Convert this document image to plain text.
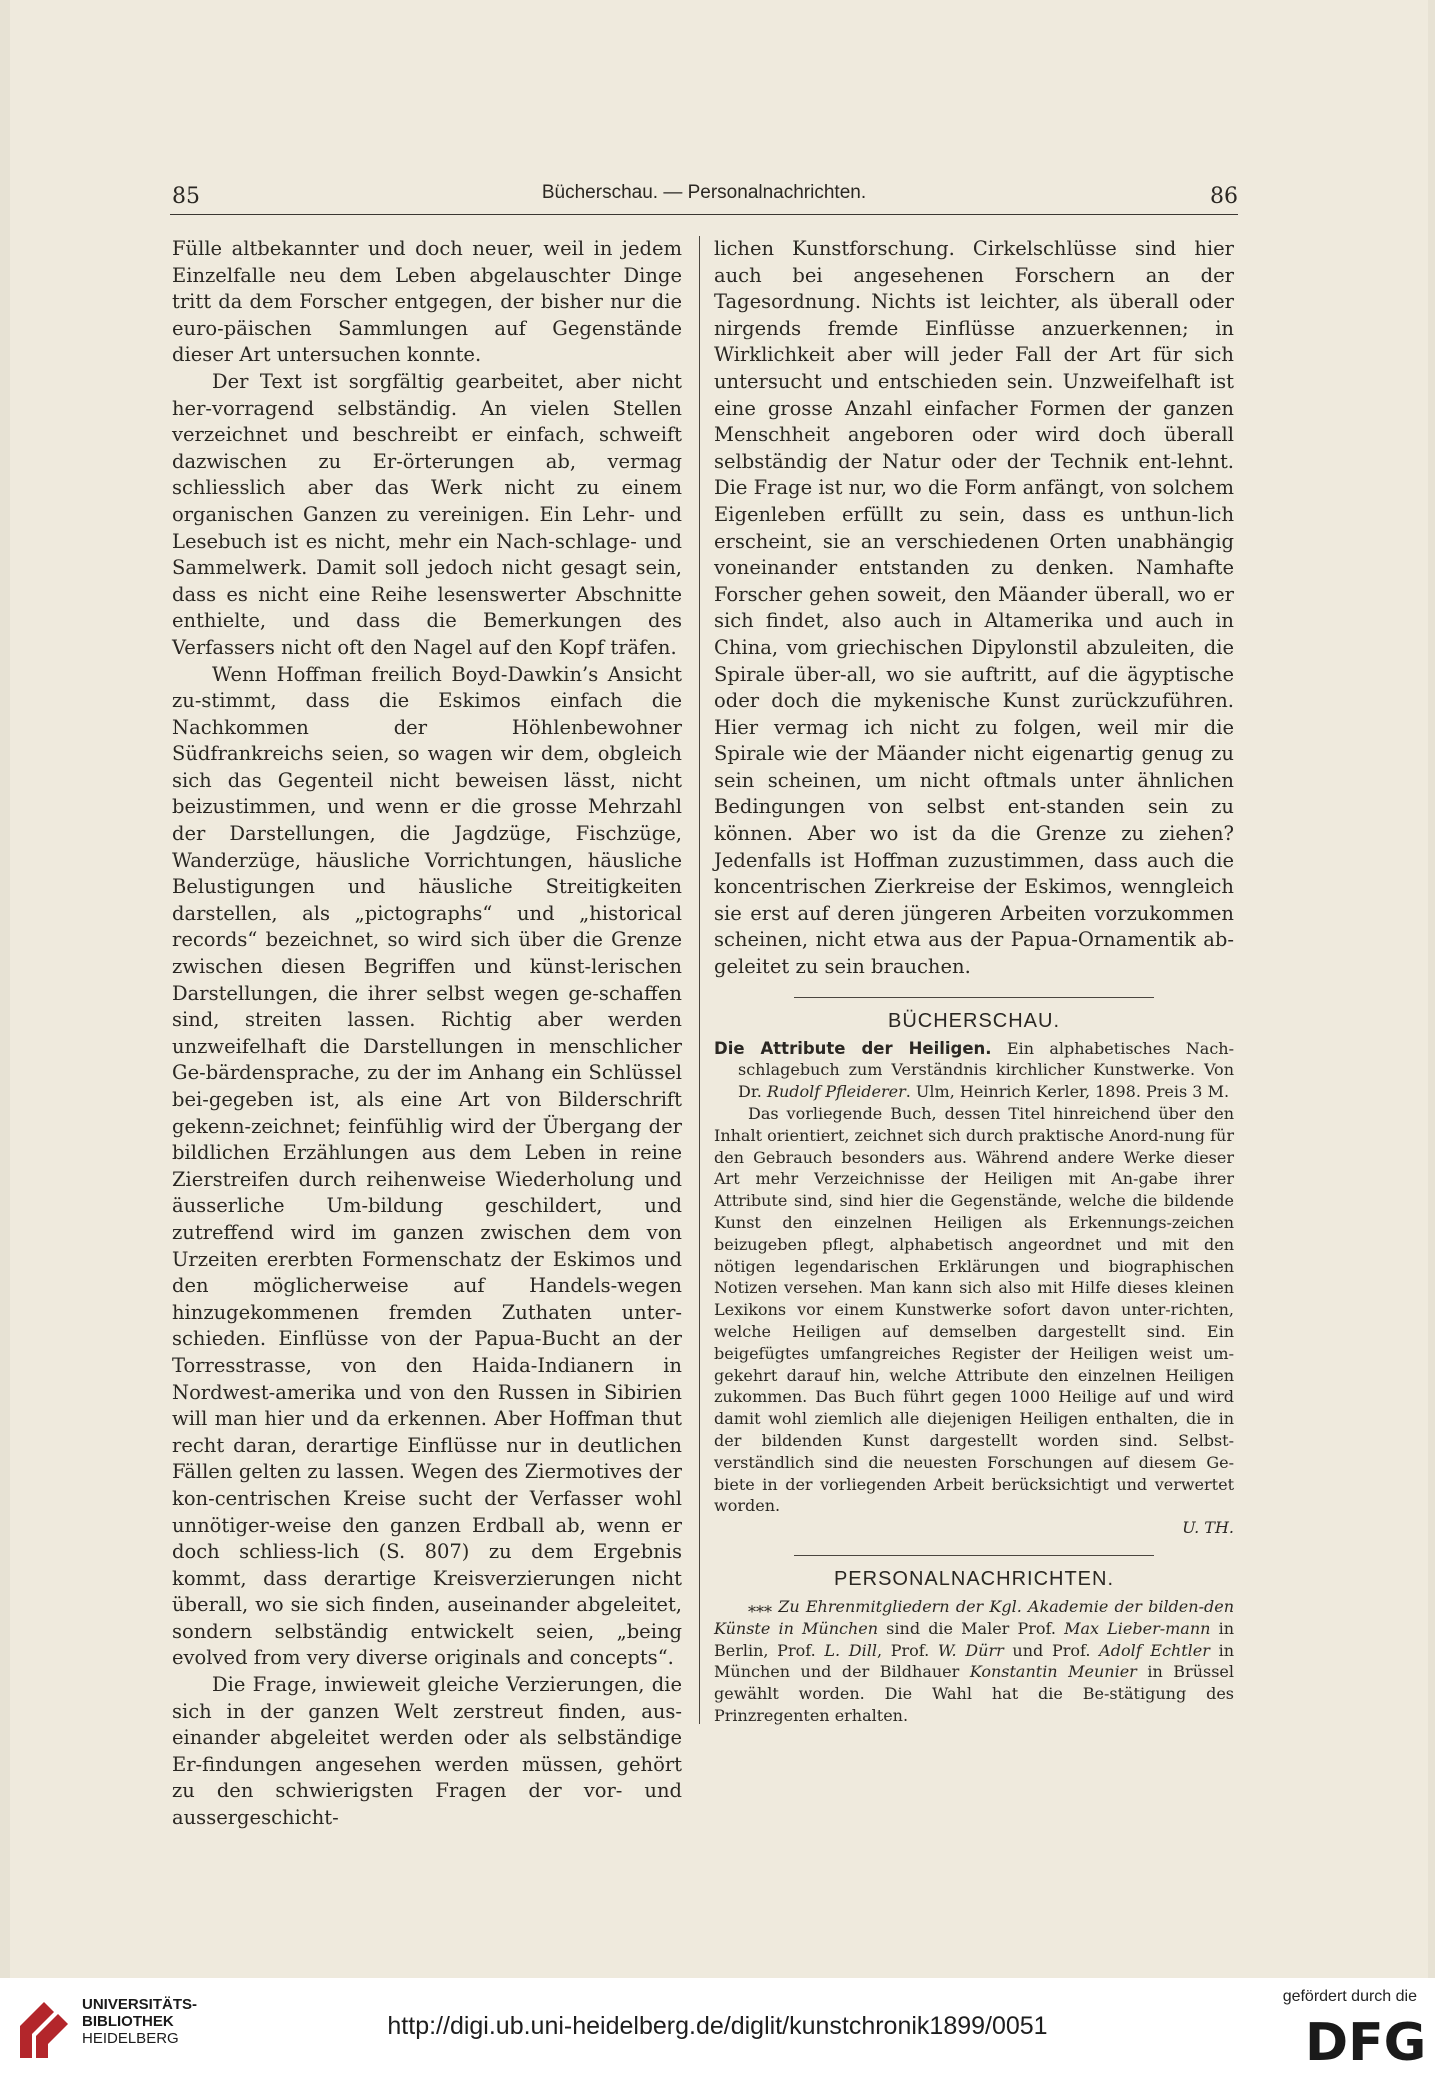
85	Bücherschau. — Personalnachrichten.	86

Fülle altbekannter und doch neuer, weil in jedem Einzelfalle neu dem Leben abgelauschter Dinge tritt da dem Forscher entgegen, der bisher nur die euro-päischen Sammlungen auf Gegenstände dieser Art untersuchen konnte.

Der Text ist sorgfältig gearbeitet, aber nicht her-vorragend selbständig. An vielen Stellen verzeichnet und beschreibt er einfach, schweift dazwischen zu Er-örterungen ab, vermag schliesslich aber das Werk nicht zu einem organischen Ganzen zu vereinigen. Ein Lehr- und Lesebuch ist es nicht, mehr ein Nach-schlage- und Sammelwerk. Damit soll jedoch nicht gesagt sein, dass es nicht eine Reihe lesenswerter Abschnitte enthielte, und dass die Bemerkungen des Verfassers nicht oft den Nagel auf den Kopf träfen.

Wenn Hoffman freilich Boyd-Dawkin’s Ansicht zu-stimmt, dass die Eskimos einfach die Nachkommen der Höhlenbewohner Südfrankreichs seien, so wagen wir dem, obgleich sich das Gegenteil nicht beweisen lässt, nicht beizustimmen, und wenn er die grosse Mehrzahl der Darstellungen, die Jagdzüge, Fischzüge, Wanderzüge, häusliche Vorrichtungen, häusliche Belustigungen und häusliche Streitigkeiten darstellen, als „pictographs“ und „historical records“ bezeichnet, so wird sich über die Grenze zwischen diesen Begriffen und künst-lerischen Darstellungen, die ihrer selbst wegen ge-schaffen sind, streiten lassen. Richtig aber werden unzweifelhaft die Darstellungen in menschlicher Ge-bärdensprache, zu der im Anhang ein Schlüssel bei-gegeben ist, als eine Art von Bilderschrift gekenn-zeichnet; feinfühlig wird der Übergang der bildlichen Erzählungen aus dem Leben in reine Zierstreifen durch reihenweise Wiederholung und äusserliche Um-bildung geschildert, und zutreffend wird im ganzen zwischen dem von Urzeiten ererbten Formenschatz der Eskimos und den möglicherweise auf Handels-wegen hinzugekommenen fremden Zuthaten unter-schieden. Einflüsse von der Papua-Bucht an der Torresstrasse, von den Haida-Indianern in Nordwest-amerika und von den Russen in Sibirien will man hier und da erkennen. Aber Hoffman thut recht daran, derartige Einflüsse nur in deutlichen Fällen gelten zu lassen. Wegen des Ziermotives der kon-centrischen Kreise sucht der Verfasser wohl unnötiger-weise den ganzen Erdball ab, wenn er doch schliess-lich (S. 807) zu dem Ergebnis kommt, dass derartige Kreisverzierungen nicht überall, wo sie sich finden, auseinander abgeleitet, sondern selbständig entwickelt seien, „being evolved from very diverse originals and concepts“.

Die Frage, inwieweit gleiche Verzierungen, die sich in der ganzen Welt zerstreut finden, aus-einander abgeleitet werden oder als selbständige Er-findungen angesehen werden müssen, gehört zu den schwierigsten Fragen der vor- und aussergeschicht-

lichen Kunstforschung. Cirkelschlüsse sind hier auch bei angesehenen Forschern an der Tagesordnung. Nichts ist leichter, als überall oder nirgends fremde Einflüsse anzuerkennen; in Wirklichkeit aber will jeder Fall der Art für sich untersucht und entschieden sein. Unzweifelhaft ist eine grosse Anzahl einfacher Formen der ganzen Menschheit angeboren oder wird doch überall selbständig der Natur oder der Technik ent-lehnt. Die Frage ist nur, wo die Form anfängt, von solchem Eigenleben erfüllt zu sein, dass es unthun-lich erscheint, sie an verschiedenen Orten unabhängig voneinander entstanden zu denken. Namhafte Forscher gehen soweit, den Mäander überall, wo er sich findet, also auch in Altamerika und auch in China, vom griechischen Dipylonstil abzuleiten, die Spirale über-all, wo sie auftritt, auf die ägyptische oder doch die mykenische Kunst zurückzuführen. Hier vermag ich nicht zu folgen, weil mir die Spirale wie der Mäander nicht eigenartig genug zu sein scheinen, um nicht oftmals unter ähnlichen Bedingungen von selbst ent-standen sein zu können. Aber wo ist da die Grenze zu ziehen? Jedenfalls ist Hoffman zuzustimmen, dass auch die koncentrischen Zierkreise der Eskimos, wenngleich sie erst auf deren jüngeren Arbeiten vorzukommen scheinen, nicht etwa aus der Papua-Ornamentik ab-geleitet zu sein brauchen.

BÜCHERSCHAU.

Die Attribute der Heiligen. Ein alphabetisches Nach-schlagebuch zum Verständnis kirchlicher Kunstwerke. Von Dr. Rudolf Pfleiderer. Ulm, Heinrich Kerler, 1898. Preis 3 M.

Das vorliegende Buch, dessen Titel hinreichend über den Inhalt orientiert, zeichnet sich durch praktische Anord-nung für den Gebrauch besonders aus. Während andere Werke dieser Art mehr Verzeichnisse der Heiligen mit An-gabe ihrer Attribute sind, sind hier die Gegenstände, welche die bildende Kunst den einzelnen Heiligen als Erkennungs-zeichen beizugeben pflegt, alphabetisch angeordnet und mit den nötigen legendarischen Erklärungen und biographischen Notizen versehen. Man kann sich also mit Hilfe dieses kleinen Lexikons vor einem Kunstwerke sofort davon unter-richten, welche Heiligen auf demselben dargestellt sind. Ein beigefügtes umfangreiches Register der Heiligen weist um-gekehrt darauf hin, welche Attribute den einzelnen Heiligen zukommen. Das Buch führt gegen 1000 Heilige auf und wird damit wohl ziemlich alle diejenigen Heiligen enthalten, die in der bildenden Kunst dargestellt worden sind. Selbst-verständlich sind die neuesten Forschungen auf diesem Ge-biete in der vorliegenden Arbeit berücksichtigt und verwertet worden.

U. TH.

PERSONALNACHRICHTEN.

⁎⁎⁎ Zu Ehrenmitgliedern der Kgl. Akademie der bilden-den Künste in München sind die Maler Prof. Max Lieber-mann in Berlin, Prof. L. Dill, Prof. W. Dürr und Prof. Adolf Echtler in München und der Bildhauer Konstantin Meunier in Brüssel gewählt worden. Die Wahl hat die Be-stätigung des Prinzregenten erhalten.

UNIVERSITÄTS-
BIBLIOTHEK
HEIDELBERG	http://digi.ub.uni-heidelberg.de/diglit/kunstchronik1899/0051
gefördert durch die
DFG
